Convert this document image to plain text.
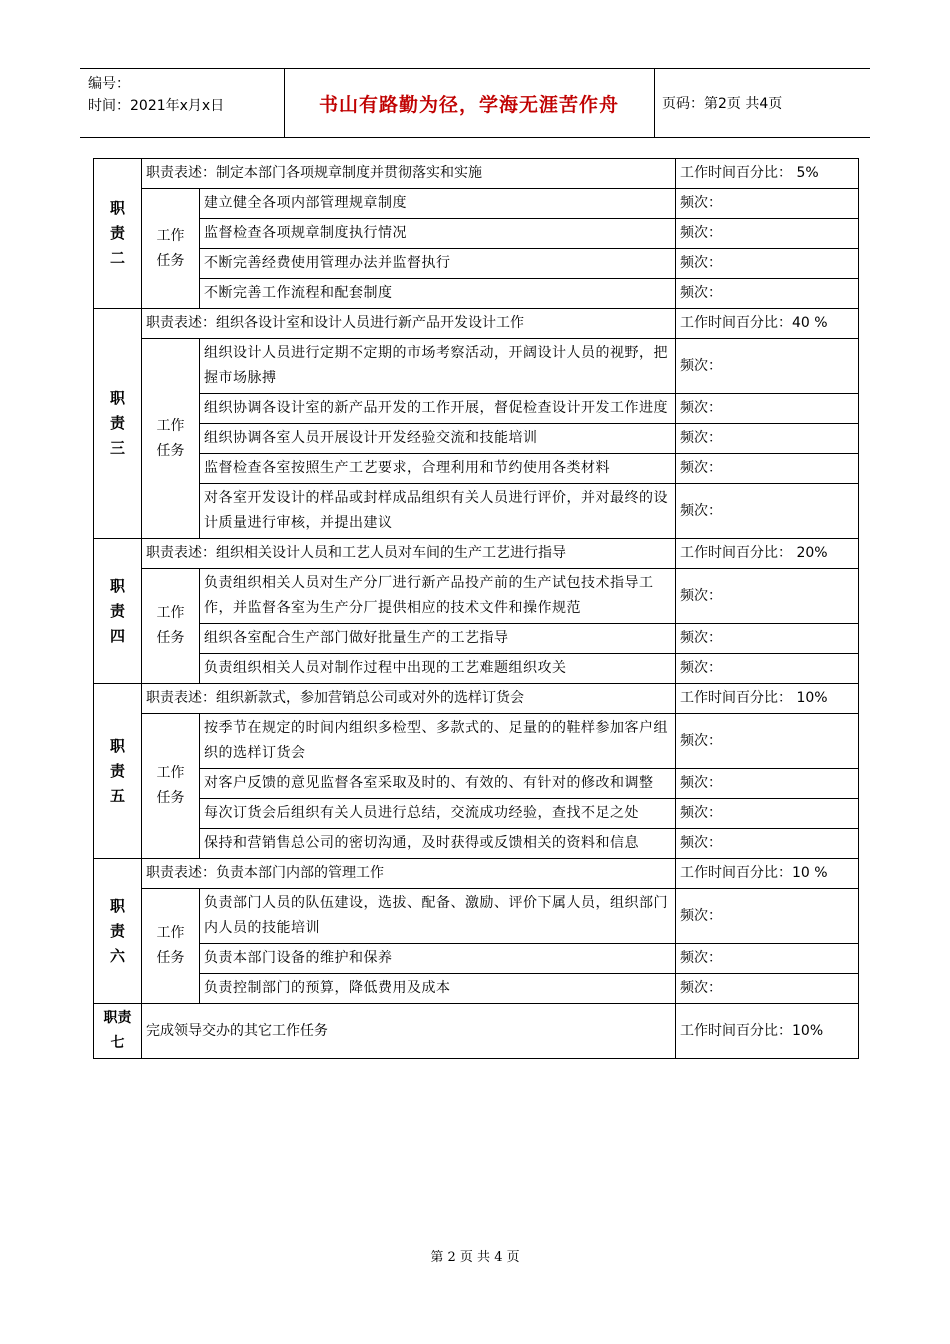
编号：
时间：2021年x月x日	书山有路勤为径，学海无涯苦作舟	页码：第2页 共4页
职责二	职责表述：制定本部门各项规章制度并贯彻落实和实施		工作时间百分比： 5%
	工作任务	建立健全各项内部管理规章制度	频次：
		监督检查各项规章制度执行情况	频次：
		不断完善经费使用管理办法并监督执行	频次：
		不断完善工作流程和配套制度	频次：
职责三	职责表述：组织各设计室和设计人员进行新产品开发设计工作		工作时间百分比：40 %
	工作任务	组织设计人员进行定期不定期的市场考察活动，开阔设计人员的视野，把握市场脉搏	频次：
		组织协调各设计室的新产品开发的工作开展，督促检查设计开发工作进度	频次：
		组织协调各室人员开展设计开发经验交流和技能培训	频次：
		监督检查各室按照生产工艺要求，合理利用和节约使用各类材料	频次：
		对各室开发设计的样品或封样成品组织有关人员进行评价，并对最终的设计质量进行审核，并提出建议	频次：
职责四	职责表述：组织相关设计人员和工艺人员对车间的生产工艺进行指导		工作时间百分比： 20%
	工作任务	负责组织相关人员对生产分厂进行新产品投产前的生产试包技术指导工作，并监督各室为生产分厂提供相应的技术文件和操作规范	频次：
		组织各室配合生产部门做好批量生产的工艺指导	频次：
		负责组织相关人员对制作过程中出现的工艺难题组织攻关	频次：
职责五	职责表述：组织新款式，参加营销总公司或对外的选样订货会		工作时间百分比： 10%
	工作任务	按季节在规定的时间内组织多检型、多款式的、足量的的鞋样参加客户组织的选样订货会	频次：
		对客户反馈的意见监督各室采取及时的、有效的、有针对的修改和调整	频次：
		每次订货会后组织有关人员进行总结，交流成功经验，查找不足之处	频次：
		保持和营销售总公司的密切沟通，及时获得或反馈相关的资料和信息	频次：
职责六	职责表述：负责本部门内部的管理工作		工作时间百分比：10 %
	工作任务	负责部门人员的队伍建设，选拔、配备、激励、评价下属人员，组织部门内人员的技能培训	频次：
		负责本部门设备的维护和保养	频次：
		负责控制部门的预算，降低费用及成本	频次：
职责七	完成领导交办的其它工作任务		工作时间百分比：10%
第 2 页 共 4 页
